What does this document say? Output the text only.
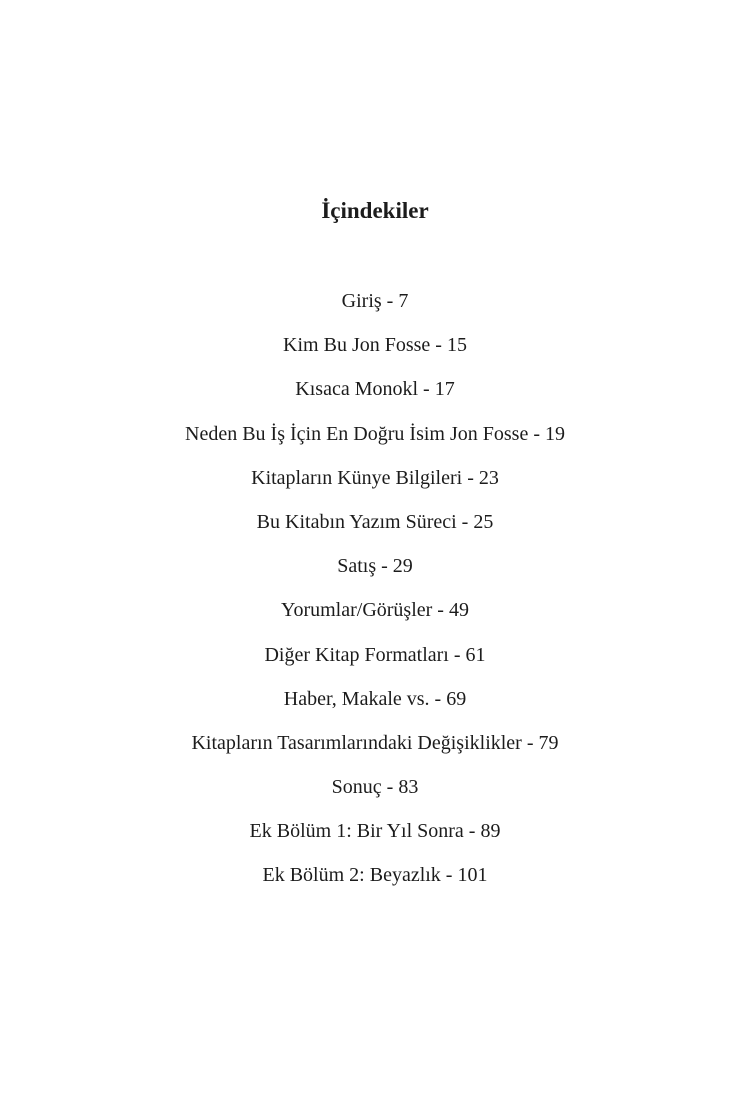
İçindekiler
Giriş - 7
Kim Bu Jon Fosse - 15
Kısaca Monokl - 17
Neden Bu İş İçin En Doğru İsim Jon Fosse - 19
Kitapların Künye Bilgileri - 23
Bu Kitabın Yazım Süreci - 25
Satış - 29
Yorumlar/Görüşler - 49
Diğer Kitap Formatları - 61
Haber, Makale vs. - 69
Kitapların Tasarımlarındaki Değişiklikler - 79
Sonuç - 83
Ek Bölüm 1: Bir Yıl Sonra - 89
Ek Bölüm 2: Beyazlık - 101
